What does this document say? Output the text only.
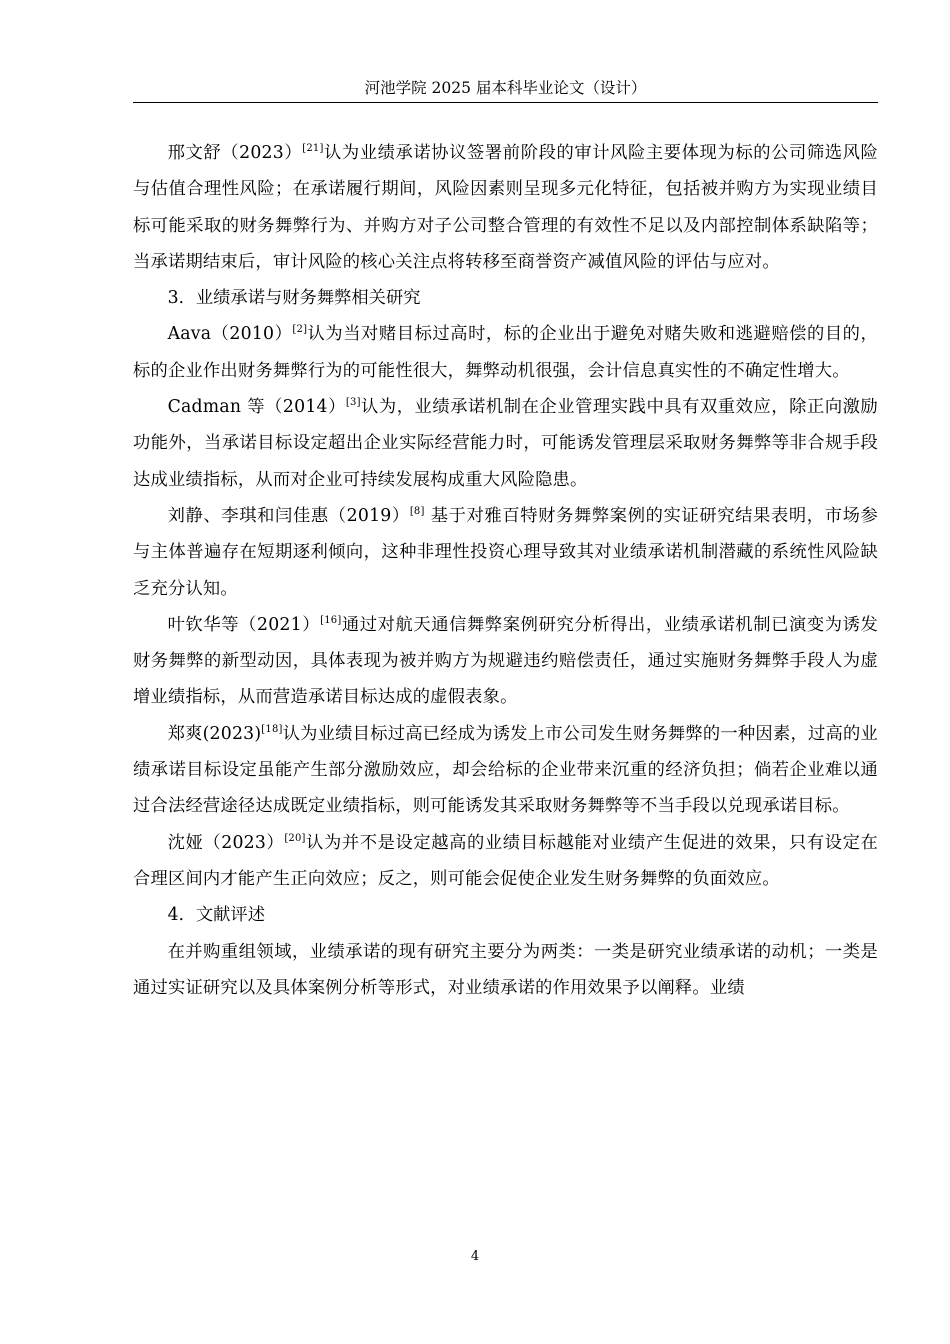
河池学院 2025 届本科毕业论文（设计）

邢文舒（2023）[21]认为业绩承诺协议签署前阶段的审计风险主要体现为标的公司筛选风险与估值合理性风险；在承诺履行期间，风险因素则呈现多元化特征，包括被并购方为实现业绩目标可能采取的财务舞弊行为、并购方对子公司整合管理的有效性不足以及内部控制体系缺陷等；当承诺期结束后，审计风险的核心关注点将转移至商誉资产减值风险的评估与应对。

3．业绩承诺与财务舞弊相关研究

Aava（2010）[2]认为当对赌目标过高时，标的企业出于避免对赌失败和逃避赔偿的目的，标的企业作出财务舞弊行为的可能性很大，舞弊动机很强，会计信息真实性的不确定性增大。

Cadman 等（2014）[3]认为，业绩承诺机制在企业管理实践中具有双重效应，除正向激励功能外，当承诺目标设定超出企业实际经营能力时，可能诱发管理层采取财务舞弊等非合规手段达成业绩指标，从而对企业可持续发展构成重大风险隐患。

刘静、李琪和闫佳惠（2019）[8] 基于对雅百特财务舞弊案例的实证研究结果表明，市场参与主体普遍存在短期逐利倾向，这种非理性投资心理导致其对业绩承诺机制潜藏的系统性风险缺乏充分认知。

叶钦华等（2021）[16]通过对航天通信舞弊案例研究分析得出，业绩承诺机制已演变为诱发财务舞弊的新型动因，具体表现为被并购方为规避违约赔偿责任，通过实施财务舞弊手段人为虚增业绩指标，从而营造承诺目标达成的虚假表象。

郑爽(2023)[18]认为业绩目标过高已经成为诱发上市公司发生财务舞弊的一种因素，过高的业绩承诺目标设定虽能产生部分激励效应，却会给标的企业带来沉重的经济负担；倘若企业难以通过合法经营途径达成既定业绩指标，则可能诱发其采取财务舞弊等不当手段以兑现承诺目标。

沈娅（2023）[20]认为并不是设定越高的业绩目标越能对业绩产生促进的效果，只有设定在合理区间内才能产生正向效应；反之，则可能会促使企业发生财务舞弊的负面效应。

4．文献评述

在并购重组领域，业绩承诺的现有研究主要分为两类：一类是研究业绩承诺的动机；一类是通过实证研究以及具体案例分析等形式，对业绩承诺的作用效果予以阐释。业绩

4
